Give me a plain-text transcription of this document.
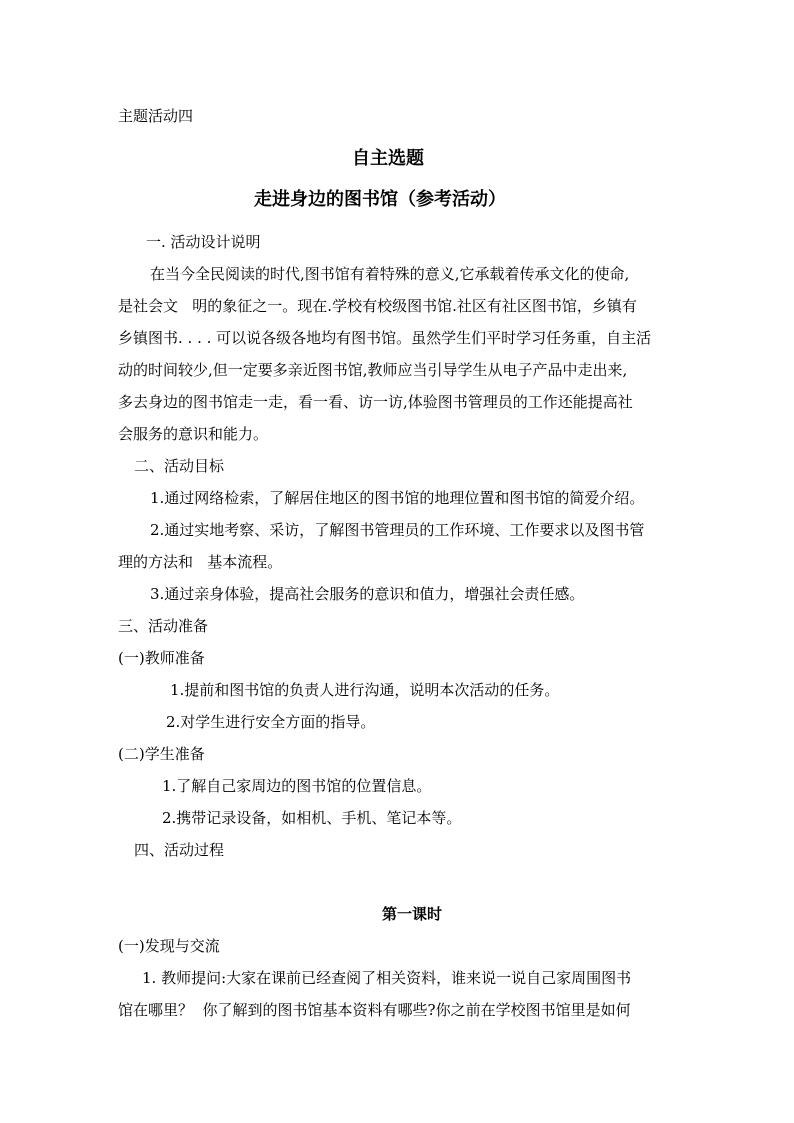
主题活动四
自主选题
走进身边的图书馆（参考活动）
一. 活动设计说明
在当今全民阅读的时代,图书馆有着特殊的意义,它承载着传承文化的使命,
是社会文   明的象征之一。现在.学校有校级图书馆.社区有社区图书馆，乡镇有
乡镇图书. . . . 可以说各级各地均有图书馆。虽然学生们平时学习任务重，自主活
动的时间较少,但一定要多亲近图书馆,教师应当引导学生从电子产品中走出来,
多去身边的图书馆走一走，看一看、访一访,体验图书管理员的工作还能提高社
会服务的意识和能力。
二、活动目标
1.通过网络检索，了解居住地区的图书馆的地理位置和图书馆的简爱介绍。
2.通过实地考察、采访，了解图书管理员的工作环境、工作要求以及图书管
理的方法和   基本流程。
3.通过亲身体验，提高社会服务的意识和值力，增强社会责任感。
三、活动准备
(一)教师准备
1.提前和图书馆的负责人进行沟通，说明本次活动的任务。
2.对学生进行安全方面的指导。
(二)学生准备
1.了解自己家周边的图书馆的位置信息。
2.携带记录设备，如相机、手机、笔记本等。
四、活动过程
第一课时
(一)发现与交流
1. 教师提问:大家在课前已经查阅了相关资料，谁来说一说自己家周围图书
馆在哪里？  你了解到的图书馆基本资料有哪些?你之前在学校图书馆里是如何
